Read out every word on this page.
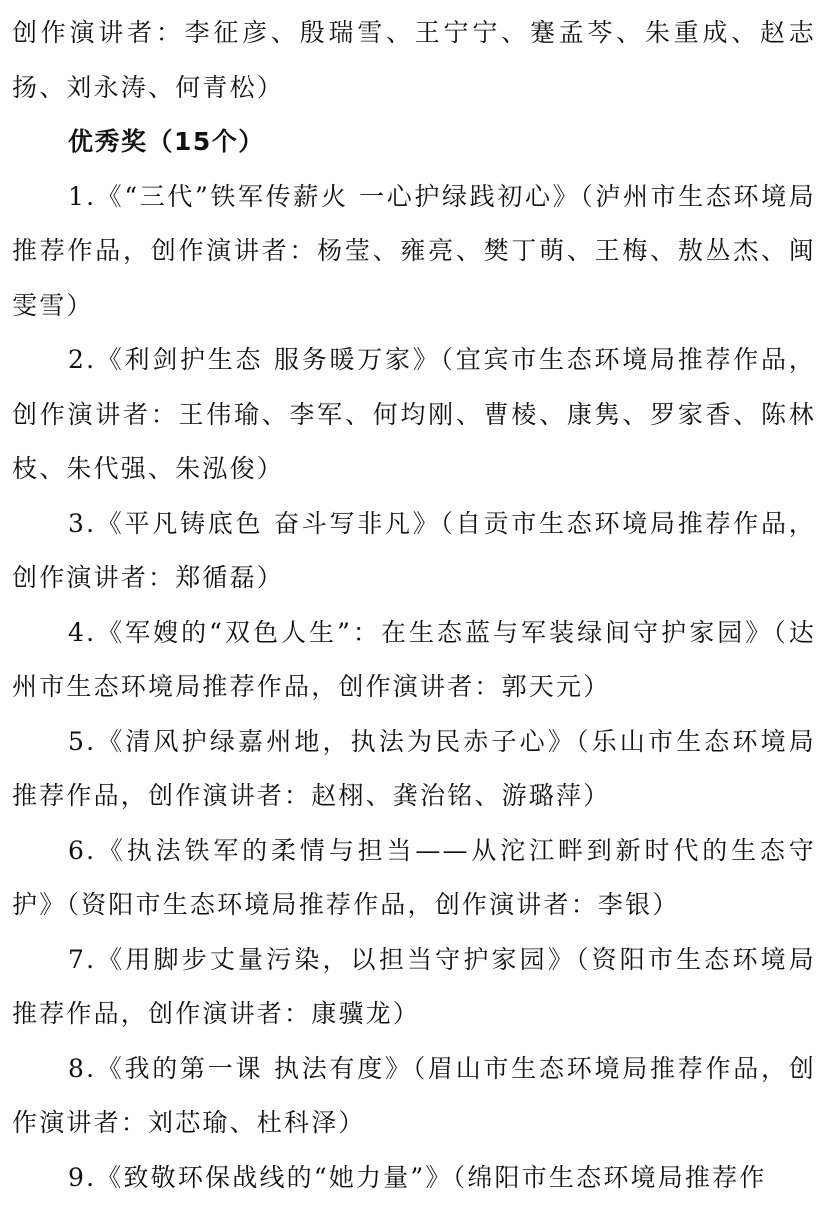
创作演讲者：李征彦、殷瑞雪、王宁宁、蹇孟芩、朱重成、赵志扬、刘永涛、何青松）

优秀奖（15个）

1.《“三代”铁军传薪火 一心护绿践初心》（泸州市生态环境局推荐作品，创作演讲者：杨莹、雍亮、樊丁萌、王梅、敖丛杰、闽雯雪）

2.《利剑护生态 服务暖万家》（宜宾市生态环境局推荐作品，创作演讲者：王伟瑜、李军、何均刚、曹棱、康隽、罗家香、陈林枝、朱代强、朱泓俊）

3.《平凡铸底色 奋斗写非凡》（自贡市生态环境局推荐作品，创作演讲者：郑循磊）

4.《军嫂的“双色人生”：在生态蓝与军装绿间守护家园》（达州市生态环境局推荐作品，创作演讲者：郭天元）

5.《清风护绿嘉州地，执法为民赤子心》（乐山市生态环境局推荐作品，创作演讲者：赵栩、龚治铭、游璐萍）

6.《执法铁军的柔情与担当——从沱江畔到新时代的生态守护》（资阳市生态环境局推荐作品，创作演讲者：李银）

7.《用脚步丈量污染，以担当守护家园》（资阳市生态环境局推荐作品，创作演讲者：康骥龙）

8.《我的第一课 执法有度》（眉山市生态环境局推荐作品，创作演讲者：刘芯瑜、杜科泽）

9.《致敬环保战线的“她力量”》（绵阳市生态环境局推荐作
